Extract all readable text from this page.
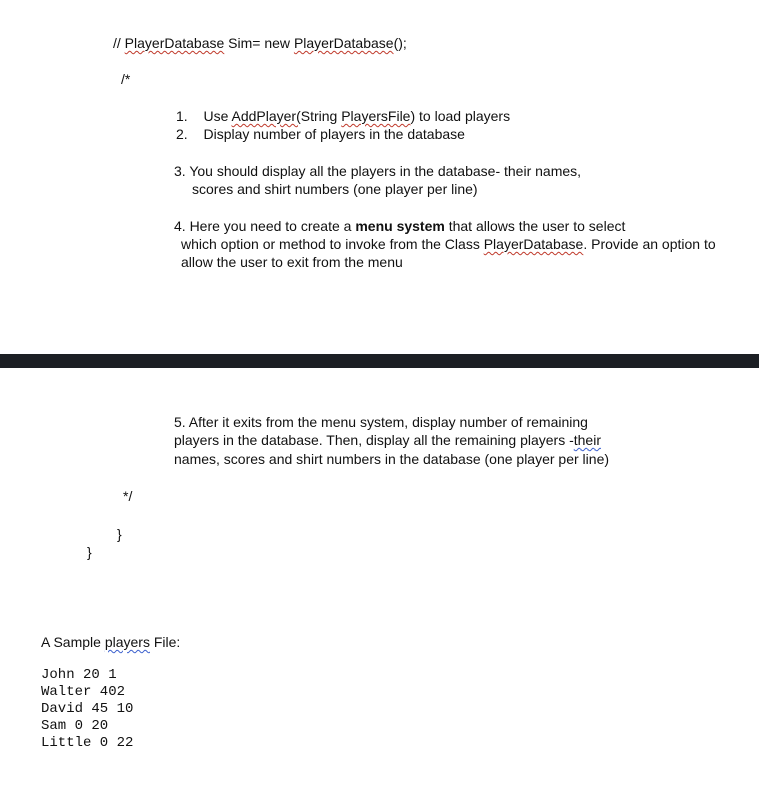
// PlayerDatabase Sim= new PlayerDatabase();
/*
1. Use AddPlayer(String PlayersFile) to load players
2. Display number of players in the database
3. You should display all the players in the database- their names,
scores and shirt numbers (one player per line)
4. Here you need to create a menu system that allows the user to select
which option or method to invoke from the Class PlayerDatabase. Provide an option to
allow the user to exit from the menu
5. After it exits from the menu system, display number of remaining
players in the database. Then, display all the remaining players -their
names, scores and shirt numbers in the database (one player per line)
*/
}
}
A Sample players File:
John 20 1
Walter 402
David 45 10
Sam 0 20
Little 0 22
